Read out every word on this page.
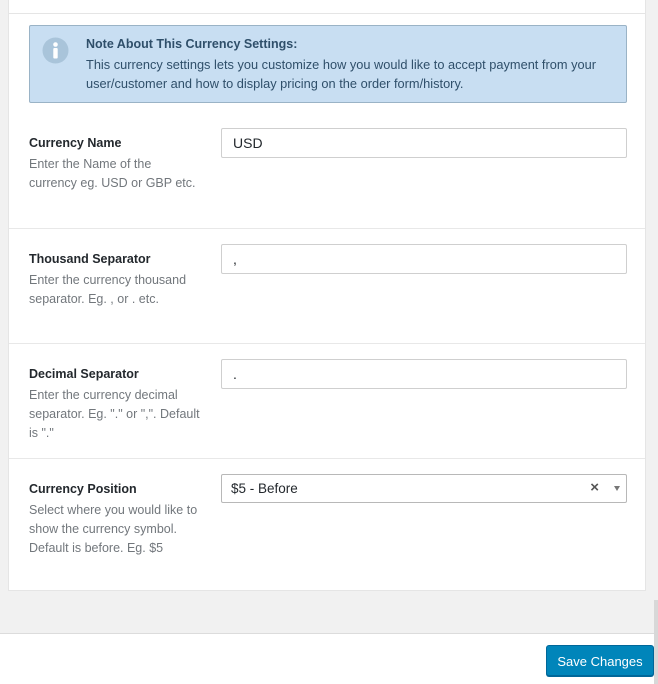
Note About This Currency Settings:
This currency settings lets you customize how you would like to accept payment from your user/customer and how to display pricing on the order form/history.
Currency Name
Enter the Name of the currency eg. USD or GBP etc.
USD
Thousand Separator
Enter the currency thousand separator. Eg. , or . etc.
,
Decimal Separator
Enter the currency decimal separator. Eg. "." or ",". Default is "."
.
Currency Position
Select where you would like to show the currency symbol. Default is before. Eg. $5
$5 - Before	×
Save Changes
